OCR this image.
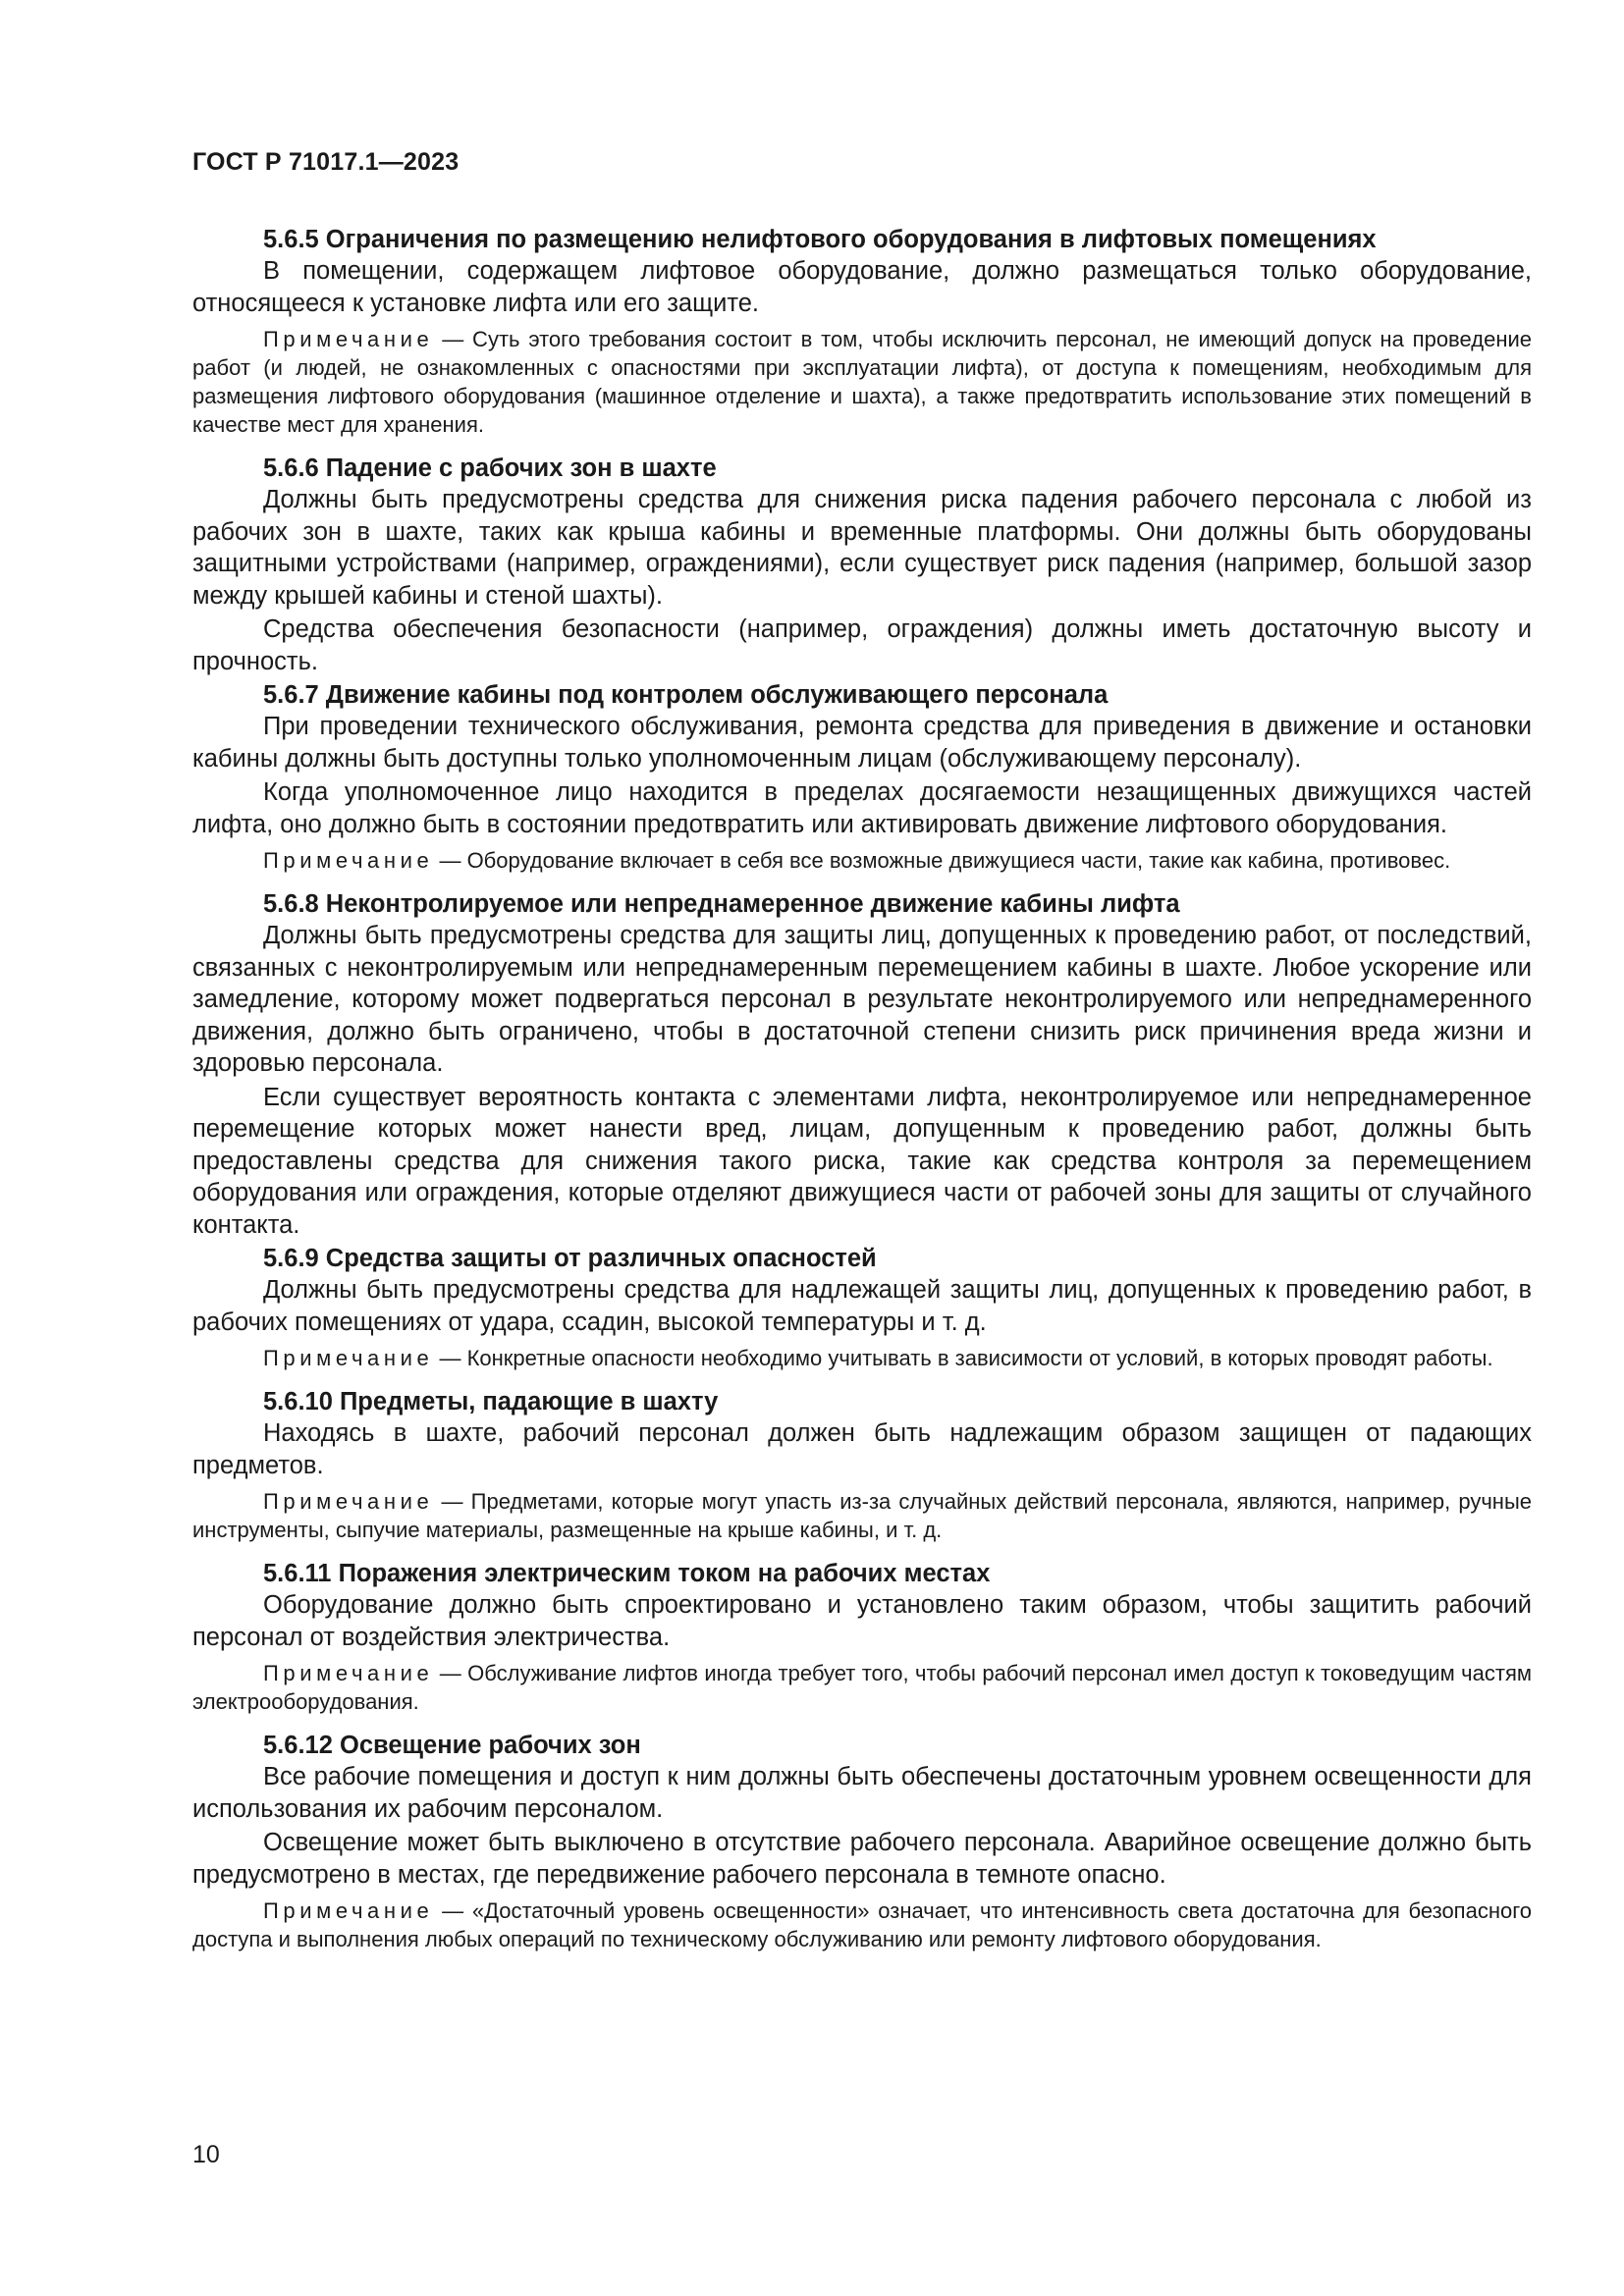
ГОСТ Р 71017.1—2023

5.6.5 Ограничения по размещению нелифтового оборудования в лифтовых помещениях

В помещении, содержащем лифтовое оборудование, должно размещаться только оборудование, относящееся к установке лифта или его защите.

Примечание — Суть этого требования состоит в том, чтобы исключить персонал, не имеющий допуск на проведение работ (и людей, не ознакомленных с опасностями при эксплуатации лифта), от доступа к помещениям, необходимым для размещения лифтового оборудования (машинное отделение и шахта), а также предотвратить использование этих помещений в качестве мест для хранения.

5.6.6 Падение с рабочих зон в шахте

Должны быть предусмотрены средства для снижения риска падения рабочего персонала с любой из рабочих зон в шахте, таких как крыша кабины и временные платформы. Они должны быть оборудованы защитными устройствами (например, ограждениями), если существует риск падения (например, большой зазор между крышей кабины и стеной шахты).

Средства обеспечения безопасности (например, ограждения) должны иметь достаточную высоту и прочность.

5.6.7 Движение кабины под контролем обслуживающего персонала

При проведении технического обслуживания, ремонта средства для приведения в движение и остановки кабины должны быть доступны только уполномоченным лицам (обслуживающему персоналу).

Когда уполномоченное лицо находится в пределах досягаемости незащищенных движущихся частей лифта, оно должно быть в состоянии предотвратить или активировать движение лифтового оборудования.

Примечание — Оборудование включает в себя все возможные движущиеся части, такие как кабина, противовес.

5.6.8 Неконтролируемое или непреднамеренное движение кабины лифта

Должны быть предусмотрены средства для защиты лиц, допущенных к проведению работ, от последствий, связанных с неконтролируемым или непреднамеренным перемещением кабины в шахте. Любое ускорение или замедление, которому может подвергаться персонал в результате неконтролируемого или непреднамеренного движения, должно быть ограничено, чтобы в достаточной степени снизить риск причинения вреда жизни и здоровью персонала.

Если существует вероятность контакта с элементами лифта, неконтролируемое или непреднамеренное перемещение которых может нанести вред, лицам, допущенным к проведению работ, должны быть предоставлены средства для снижения такого риска, такие как средства контроля за перемещением оборудования или ограждения, которые отделяют движущиеся части от рабочей зоны для защиты от случайного контакта.

5.6.9 Средства защиты от различных опасностей

Должны быть предусмотрены средства для надлежащей защиты лиц, допущенных к проведению работ, в рабочих помещениях от удара, ссадин, высокой температуры и т. д.

Примечание — Конкретные опасности необходимо учитывать в зависимости от условий, в которых проводят работы.

5.6.10 Предметы, падающие в шахту

Находясь в шахте, рабочий персонал должен быть надлежащим образом защищен от падающих предметов.

Примечание — Предметами, которые могут упасть из-за случайных действий персонала, являются, например, ручные инструменты, сыпучие материалы, размещенные на крыше кабины, и т. д.

5.6.11 Поражения электрическим током на рабочих местах

Оборудование должно быть спроектировано и установлено таким образом, чтобы защитить рабочий персонал от воздействия электричества.

Примечание — Обслуживание лифтов иногда требует того, чтобы рабочий персонал имел доступ к токоведущим частям электрооборудования.

5.6.12 Освещение рабочих зон

Все рабочие помещения и доступ к ним должны быть обеспечены достаточным уровнем освещенности для использования их рабочим персоналом.

Освещение может быть выключено в отсутствие рабочего персонала. Аварийное освещение должно быть предусмотрено в местах, где передвижение рабочего персонала в темноте опасно.

Примечание — «Достаточный уровень освещенности» означает, что интенсивность света достаточна для безопасного доступа и выполнения любых операций по техническому обслуживанию или ремонту лифтового оборудования.

10
